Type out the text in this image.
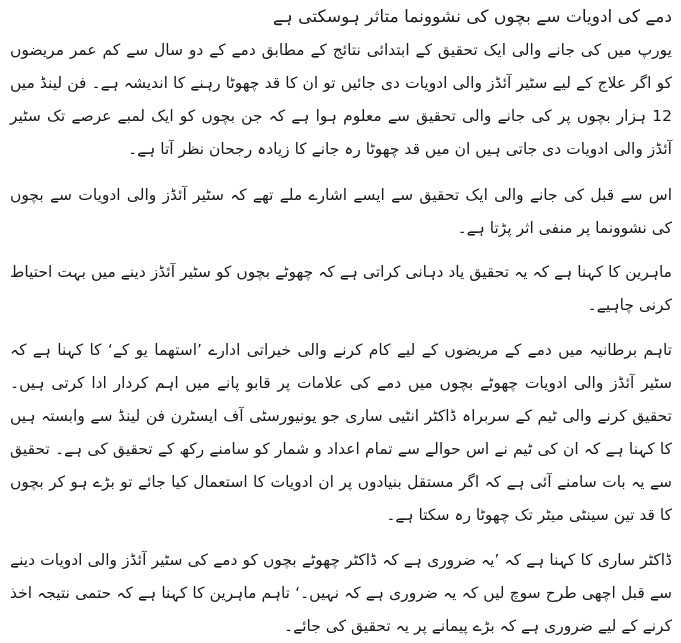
دمے کی ادویات سے بچوں کی نشوونما متاثر ہوسکتی ہے

یورپ میں کی جانے والی ایک تحقیق کے ابتدائی نتائج کے مطابق دمے کے دو سال سے کم عمر مریضوں کو اگر علاج کے لیے سٹیر آئڈز والی ادویات دی جائیں تو ان کا قد چھوٹا رہنے کا اندیشہ ہے۔ فن لینڈ میں 12 ہزار بچوں پر کی جانے والی تحقیق سے معلوم ہوا ہے کہ جن بچوں کو ایک لمبے عرصے تک سٹیر آئڈز والی ادویات دی جاتی ہیں ان میں قد چھوٹا رہ جانے کا زیادہ رجحان نظر آتا ہے۔

اس سے قبل کی جانے والی ایک تحقیق سے ایسے اشارے ملے تھے کہ سٹیر آئڈز والی ادویات سے بچوں کی نشوونما پر منفی اثر پڑتا ہے۔

ماہرین کا کہنا ہے کہ یہ تحقیق یاد دہانی کراتی ہے کہ چھوٹے بچوں کو سٹیر آئڈز دینے میں بہت احتیاط کرنی چاہیے۔

تاہم برطانیہ میں دمے کے مریضوں کے لیے کام کرنے والی خیراتی ادارے ’استھما یو کے‘ کا کہنا ہے کہ سٹیر آئڈز والی ادویات چھوٹے بچوں میں دمے کی علامات پر قابو پانے میں اہم کردار ادا کرتی ہیں۔ تحقیق کرنے والی ٹیم کے سربراہ ڈاکٹر انٹیی ساری جو یونیورسٹی آف ایسٹرن فن لینڈ سے وابستہ ہیں کا کہنا ہے کہ ان کی ٹیم نے اس حوالے سے تمام اعداد و شمار کو سامنے رکھ کے تحقیق کی ہے۔ تحقیق سے یہ بات سامنے آئی ہے کہ اگر مستقل بنیادوں پر ان ادویات کا استعمال کیا جائے تو بڑے ہو کر بچوں کا قد تین سینٹی میٹر تک چھوٹا رہ سکتا ہے۔

ڈاکٹر ساری کا کہنا ہے کہ ’یہ ضروری ہے کہ ڈاکٹر چھوٹے بچوں کو دمے کی سٹیر آئڈز والی ادویات دینے سے قبل اچھی طرح سوچ لیں کہ یہ ضروری ہے کہ نہیں۔‘ تاہم ماہرین کا کہنا ہے کہ حتمی نتیجہ اخذ کرنے کے لیے ضروری ہے کہ بڑے پیمانے پر یہ تحقیق کی جائے۔
